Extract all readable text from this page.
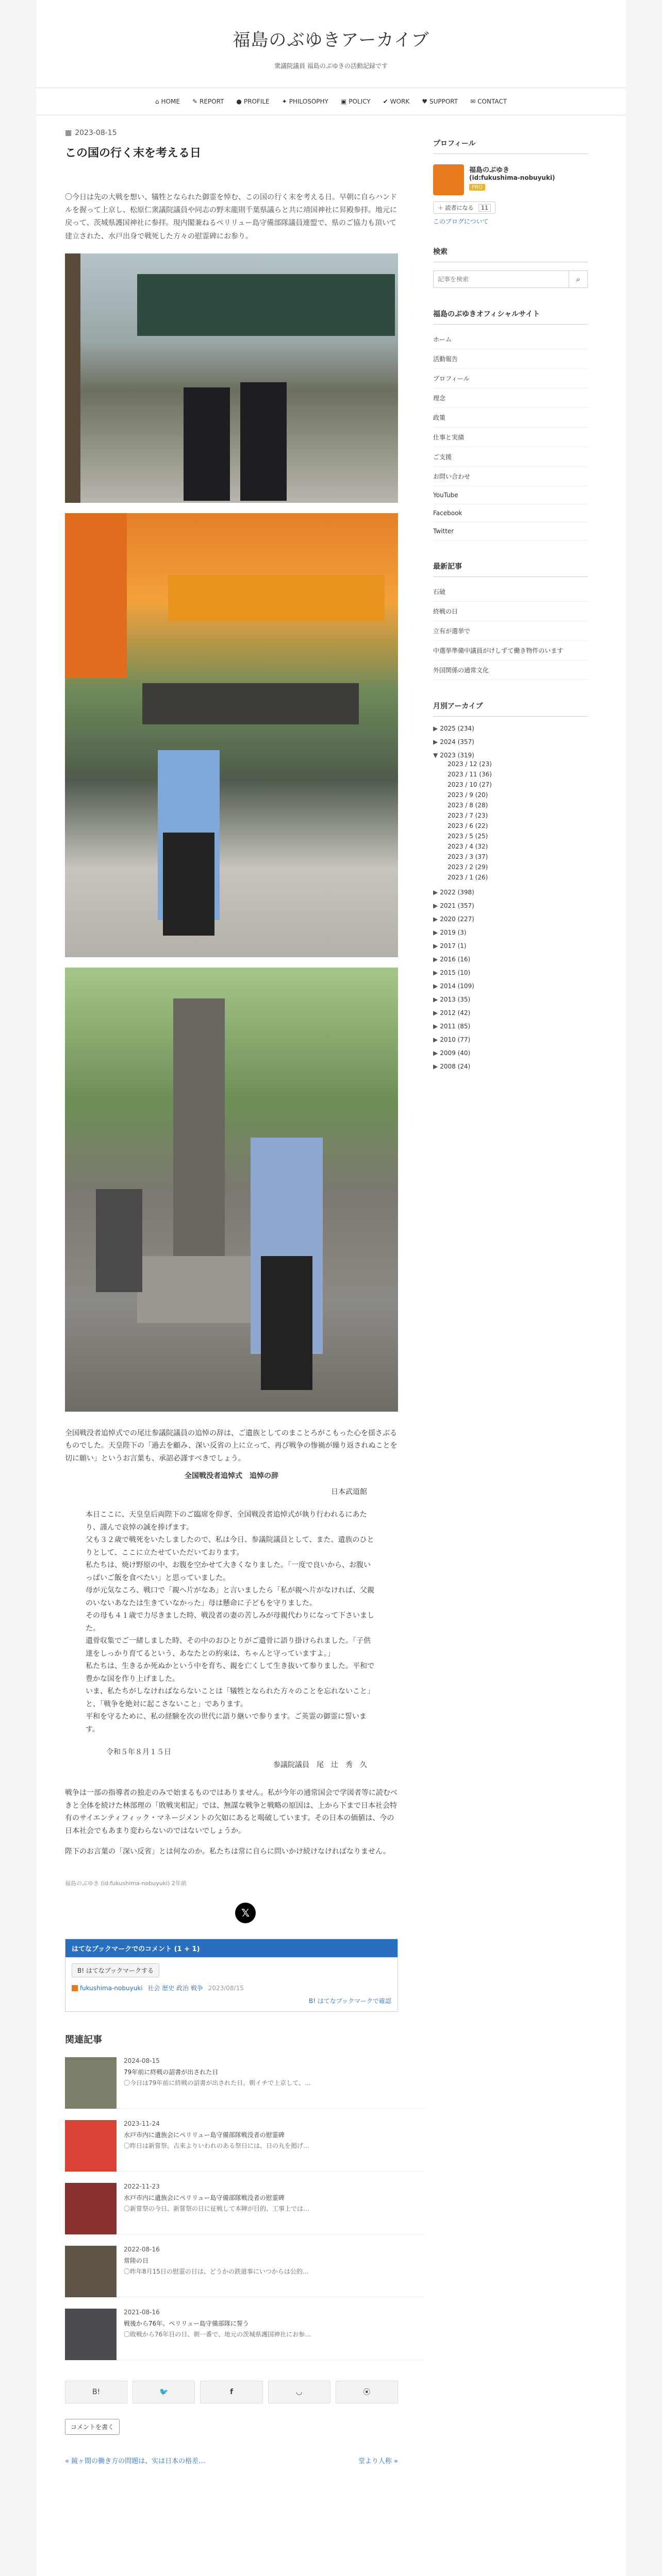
福島のぶゆきアーカイブ
衆議院議員 福島のぶゆきの活動記録です
⌂ HOME ✎ REPORT ● PROFILE ✦ PHILOSOPHY ▣ POLICY ✔ WORK ♥ SUPPORT ✉ CONTACT
▦ 2023-08-15
この国の行く末を考える日

〇今日は先の大戦を想い、犠牲となられた御霊を悼む、この国の行く末を考える日。早朝に自らハンドルを握って上京し、松原仁衆議院議員や同志の野末龍則千葉県議らと共に靖国神社に昇殿参拝。地元に戻って、茨城県護国神社に参拝。現内閣兼ねるペリリュー島守備部隊議員連盟で、県のご協力も頂いて建立された、水戸出身で戦死した方々の慰霊碑にお参り。

全国戦没者追悼式での尾辻参議院議員の追悼の辞は、ご遺族としてのまことろがこもった心を揺さぶるものでした。天皇陛下の「過去を顧み、深い反省の上に立って、再び戦争の惨禍が繰り返されぬことを切に願い」というお言葉も、承詔必謹すべきでしょう。

全国戦没者追悼式　追悼の辞

日本武道館

本日ここに、天皇皇后両陛下のご臨席を仰ぎ、全国戦没者追悼式が執り行われるにあたり、謹んで哀悼の誠を捧げます。

父も３２歳で戦死をいたしましたので、私は今日、参議院議員として、また、遺族のひとりとして、ここに立たせていただいております。

私たちは、焼け野原の中、お腹を空かせて大きくなりました。「一度で良いから、お腹いっぱいご飯を食べたい」と思っていました。

母が元気なころ、戦口で「親へ片がなあ」と言いましたら「私が親へ片がなければ、父親のいないあなたは生きていなかった」母は懸命に子どもを守りました。

その母も４１歳で力尽きました時、戦没者の妻の苦しみが母親代わりになって下さいました。

遺骨収集でご一緒しました時、その中のおひとりがご遺骨に語り掛けられました。「子供達をしっかり育てるという、あなたとの約束は、ちゃんと守っていますよ。」

私たちは、生きるか死ぬかという中を育ち、親を亡くして生き抜いて参りました。平和で豊かな国を作り上げました。

いま、私たちがしなければならないことは「犠牲となられた方々のことを忘れないこと」と、「戦争を絶対に起こさないこと」であります。

平和を守るために、私の経験を次の世代に語り継いで参ります。ご英霊の御霊に誓います。

令和５年８月１５日

参議院議員　尾　辻　秀　久

戦争は一部の指導者の独走のみで始まるものではありません。私が今年の通常国会で学図者等に読むべきと全体を続けた林部理の「敗戦実相記」では、無謀な戦争と戦略の原因は、上から下まで日本社会特有のサイエンティフィック・マネージメントの欠如にあると喝破しています。その日本の価値は、今の日本社会でもあまり変わらないのではないでしょうか。

陛下のお言葉の「深い反省」とは何なのか。私たちは常に自らに問いかけ続けなければなりません。

福島のぶゆき (id:fukushima-nobuyuki) 2年前
𝕏
はてなブックマークでのコメント (1 + 1)
B! はてなブックマークする
fukushima-nobuyuki 社会 歴史 政治 戦争 2023/08/15
B! はてなブックマークで確認
関連記事
2024-08-15
79年前に終戦の詔書が出された日
〇今日は79年前に終戦の詔書が出された日。朝イチで上京して、…
2023-11-24
水戸市内に遺族会にペリリュー島守備部隊戦没者の慰霊碑
〇昨日は新嘗祭。古来よりいわれのある祭日には、日の丸を掲げ…
2022-11-23
水戸市内に遺族会にペリリュー島守備部隊戦没者の慰霊碑
〇新嘗祭の今日、新嘗祭の日に征戦して本陣が目的、工事上では…
2022-08-16
常陸の日
〇昨年8月15日の慰霊の日は、どうかの鉄道事にいつからは公的…
2021-08-16
戦後から76年。ペリリュー島守備部隊に誓う
〇敗戦から76年目の日、朝一番で、地元の茨城県護国神社にお参…
B!	🐦	f	◡	⦿
コメントを書く
« 鏡ヶ間の働き方の問題は、实は日本の格差…	堂より人称 »
プロフィール
福島のぶゆき
(id:fukushima-nobuyuki)
PRO
＋ 読者になる 11
このブログについて
検索
記事を検索
⌕
福島のぶゆきオフィシャルサイト
ホーム
活動報告
プロフィール
理念
政策
仕事と実績
ご支援
お問い合わせ
YouTube
Facebook
Twitter
最新記事
石破
終戦の日
立有が選挙で
中選挙準備中議員がけしずて働き物件のいます
外国関係の通常文化
月別アーカイブ
▶ 2025 (234)
▶ 2024 (357)
▼ 2023 (319)
2023 / 12 (23)
2023 / 11 (36)
2023 / 10 (27)
2023 / 9 (20)
2023 / 8 (28)
2023 / 7 (23)
2023 / 6 (22)
2023 / 5 (25)
2023 / 4 (32)
2023 / 3 (37)
2023 / 2 (29)
2023 / 1 (26)
▶ 2022 (398)
▶ 2021 (357)
▶ 2020 (227)
▶ 2019 (3)
▶ 2017 (1)
▶ 2016 (16)
▶ 2015 (10)
▶ 2014 (109)
▶ 2013 (35)
▶ 2012 (42)
▶ 2011 (85)
▶ 2010 (77)
▶ 2009 (40)
▶ 2008 (24)
